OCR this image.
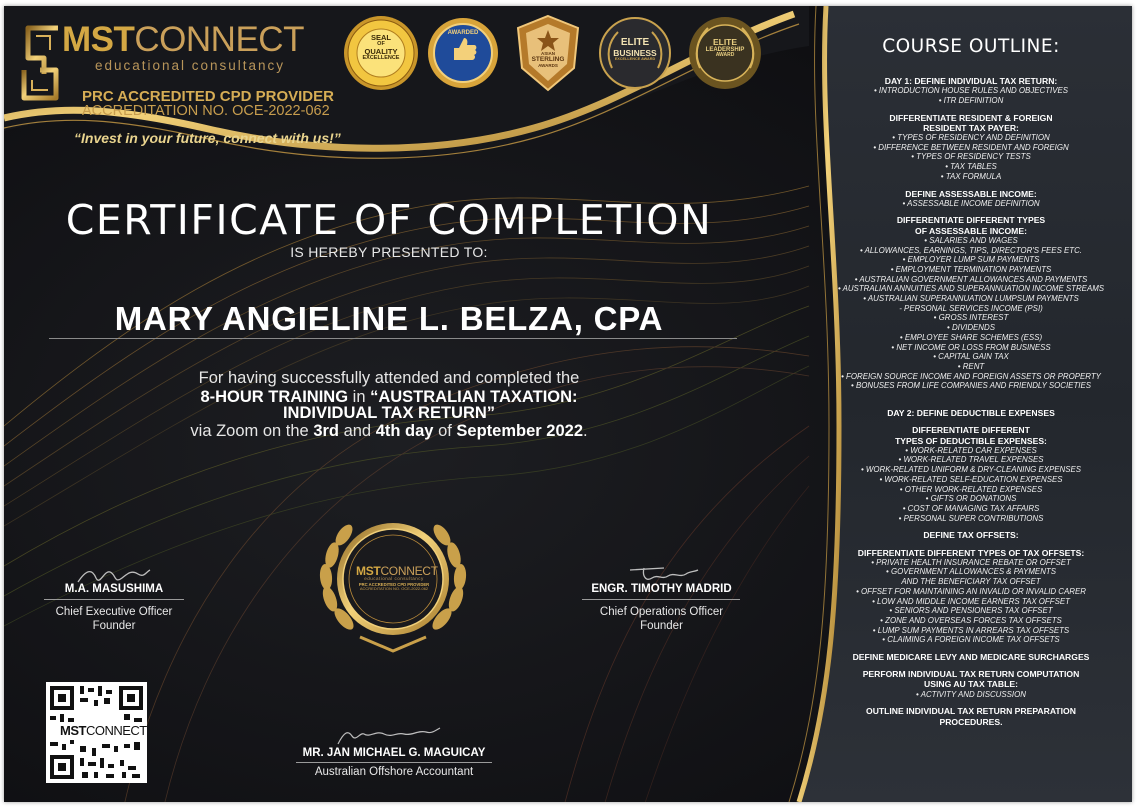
MSTCONNECT
educational consultancy
PRC ACCREDITED CPD PROVIDER
ACCREDITATION NO. OCE-2022-062
“Invest in your future, connect with us!”
SEAL
OF
QUALITY
EXCELLENCE
AWARDED
ASIAN
STERLING
AWARDS
ELITE
BUSINESS
EXCELLENCE AWARD
ELITE
LEADERSHIP
AWARD
CERTIFICATE OF COMPLETION
IS HEREBY PRESENTED TO:
MARY ANGIELINE L. BELZA, CPA
For having successfully attended and completed the
8-HOUR TRAINING in “AUSTRALIAN TAXATION:
INDIVIDUAL TAX RETURN”
via Zoom on the 3rd and 4th day of September 2022.
MSTCONNECT
educational consultancy
PRC ACCREDITED CPD PROVIDER
ACCREDITATION NO. OCE-2022-062
M.A. MASUSHIMA
Chief Executive Officer
Founder
ENGR. TIMOTHY MADRID
Chief Operations Officer
Founder
MR. JAN MICHAEL G. MAGUICAY
Australian Offshore Accountant
MSTCONNECT
COURSE OUTLINE:
DAY 1: DEFINE INDIVIDUAL TAX RETURN:
• INTRODUCTION HOUSE RULES AND OBJECTIVES
• ITR DEFINITION
DIFFERENTIATE RESIDENT & FOREIGN
RESIDENT TAX PAYER:
• TYPES OF RESIDENCY AND DEFINITION
• DIFFERENCE BETWEEN RESIDENT AND FOREIGN
• TYPES OF RESIDENCY TESTS
• TAX TABLES
• TAX FORMULA
DEFINE ASSESSABLE INCOME:
• ASSESSABLE INCOME DEFINITION
DIFFERENTIATE DIFFERENT TYPES
OF ASSESSABLE INCOME:
• SALARIES AND WAGES
• ALLOWANCES, EARNINGS, TIPS, DIRECTOR'S FEES ETC.
• EMPLOYER LUMP SUM PAYMENTS
• EMPLOYMENT TERMINATION PAYMENTS
• AUSTRALIAN GOVERNMENT ALLOWANCES AND PAYMENTS
• AUSTRALIAN ANNUITIES AND SUPERANNUATION INCOME STREAMS
• AUSTRALIAN SUPERANNUATION LUMPSUM PAYMENTS
- PERSONAL SERVICES INCOME (PSI)
• GROSS INTEREST
• DIVIDENDS
• EMPLOYEE SHARE SCHEMES (ESS)
• NET INCOME OR LOSS FROM BUSINESS
• CAPITAL GAIN TAX
• RENT
• FOREIGN SOURCE INCOME AND FOREIGN ASSETS OR PROPERTY
• BONUSES FROM LIFE COMPANIES AND FRIENDLY SOCIETIES
DAY 2: DEFINE DEDUCTIBLE EXPENSES
DIFFERENTIATE DIFFERENT
TYPES OF DEDUCTIBLE EXPENSES:
• WORK-RELATED CAR EXPENSES
• WORK-RELATED TRAVEL EXPENSES
• WORK-RELATED UNIFORM & DRY-CLEANING EXPENSES
• WORK-RELATED SELF-EDUCATION EXPENSES
• OTHER WORK-RELATED EXPENSES
• GIFTS OR DONATIONS
• COST OF MANAGING TAX AFFAIRS
• PERSONAL SUPER CONTRIBUTIONS
DEFINE TAX OFFSETS:
DIFFERENTIATE DIFFERENT TYPES OF TAX OFFSETS:
• PRIVATE HEALTH INSURANCE REBATE OR OFFSET
• GOVERNMENT ALLOWANCES & PAYMENTS
AND THE BENEFICIARY TAX OFFSET
• OFFSET FOR MAINTAINING AN INVALID OR INVALID CARER
• LOW AND MIDDLE INCOME EARNERS TAX OFFSET
• SENIORS AND PENSIONERS TAX OFFSET
• ZONE AND OVERSEAS FORCES TAX OFFSETS
• LUMP SUM PAYMENTS IN ARREARS TAX OFFSETS
• CLAIMING A FOREIGN INCOME TAX OFFSETS
DEFINE MEDICARE LEVY AND MEDICARE SURCHARGES
PERFORM INDIVIDUAL TAX RETURN COMPUTATION
USING AU TAX TABLE:
• ACTIVITY AND DISCUSSION
OUTLINE INDIVIDUAL TAX RETURN PREPARATION
PROCEDURES.
